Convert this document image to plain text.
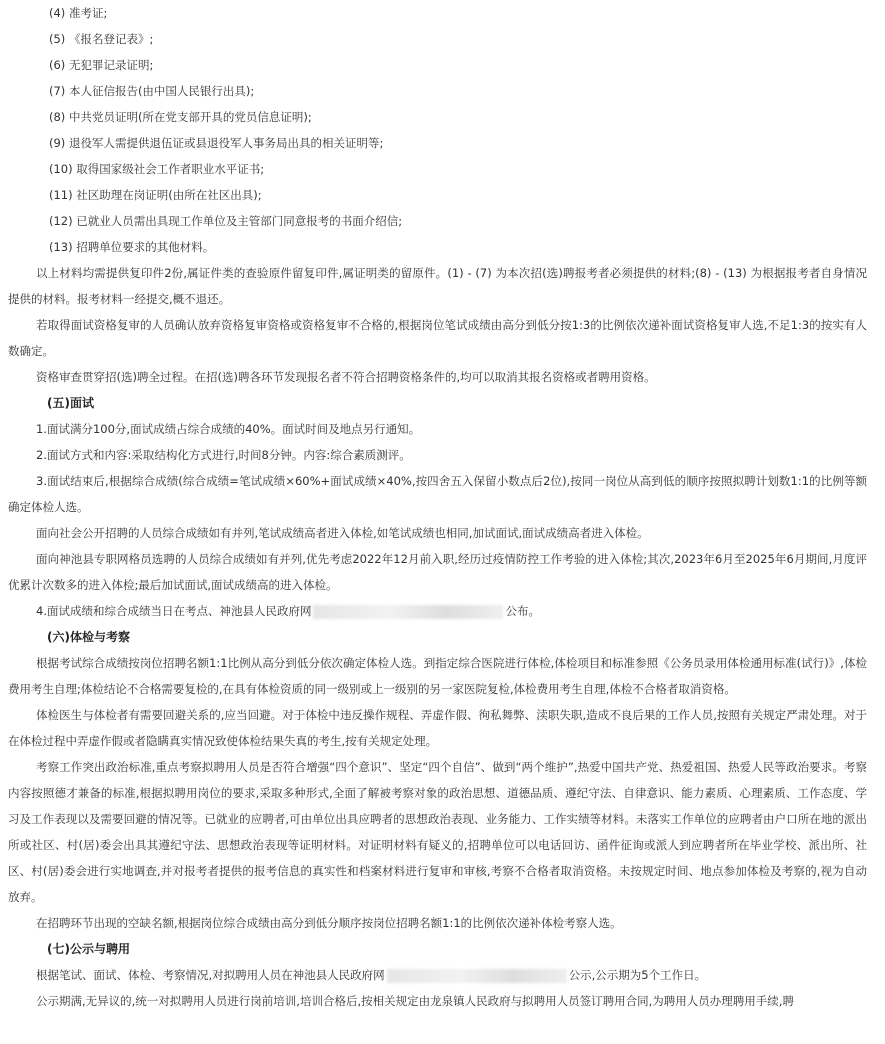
(4) 准考证;

(5) 《报名登记表》;

(6) 无犯罪记录证明;

(7) 本人征信报告(由中国人民银行出具);

(8) 中共党员证明(所在党支部开具的党员信息证明);

(9) 退役军人需提供退伍证或县退役军人事务局出具的相关证明等;

(10) 取得国家级社会工作者职业水平证书;

(11) 社区助理在岗证明(由所在社区出具);

(12) 已就业人员需出具现工作单位及主管部门同意报考的书面介绍信;

(13) 招聘单位要求的其他材料。

以上材料均需提供复印件2份,属证件类的查验原件留复印件,属证明类的留原件。(1) - (7) 为本次招(选)聘报考者必须提供的材料;(8) - (13) 为根据报考者自身情况提供的材料。报考材料一经提交,概不退还。

若取得面试资格复审的人员确认放弃资格复审资格或资格复审不合格的,根据岗位笔试成绩由高分到低分按1:3的比例依次递补面试资格复审人选,不足1:3的按实有人数确定。

资格审查贯穿招(选)聘全过程。在招(选)聘各环节发现报名者不符合招聘资格条件的,均可以取消其报名资格或者聘用资格。

(五)面试

1.面试满分100分,面试成绩占综合成绩的40%。面试时间及地点另行通知。

2.面试方式和内容:采取结构化方式进行,时间8分钟。内容:综合素质测评。

3.面试结束后,根据综合成绩(综合成绩=笔试成绩×60%+面试成绩×40%,按四舍五入保留小数点后2位),按同一岗位从高到低的顺序按照拟聘计划数1:1的比例等额确定体检人选。

面向社会公开招聘的人员综合成绩如有并列,笔试成绩高者进入体检,如笔试成绩也相同,加试面试,面试成绩高者进入体检。

面向神池县专职网格员选聘的人员综合成绩如有并列,优先考虑2022年12月前入职,经历过疫情防控工作考验的进入体检;其次,2023年6月至2025年6月期间,月度评优累计次数多的进入体检;最后加试面试,面试成绩高的进入体检。

4.面试成绩和综合成绩当日在考点、神池县人民政府网	公布。

(六)体检与考察

根据考试综合成绩按岗位招聘名额1:1比例从高分到低分依次确定体检人选。到指定综合医院进行体检,体检项目和标准参照《公务员录用体检通用标准(试行)》,体检费用考生自理;体检结论不合格需要复检的,在具有体检资质的同一级别或上一级别的另一家医院复检,体检费用考生自理,体检不合格者取消资格。

体检医生与体检者有需要回避关系的,应当回避。对于体检中违反操作规程、弄虚作假、徇私舞弊、渎职失职,造成不良后果的工作人员,按照有关规定严肃处理。对于在体检过程中弄虚作假或者隐瞒真实情况致使体检结果失真的考生,按有关规定处理。

考察工作突出政治标准,重点考察拟聘用人员是否符合增强“四个意识”、坚定“四个自信”、做到“两个维护”,热爱中国共产党、热爱祖国、热爱人民等政治要求。考察内容按照德才兼备的标准,根据拟聘用岗位的要求,采取多种形式,全面了解被考察对象的政治思想、道德品质、遵纪守法、自律意识、能力素质、心理素质、工作态度、学习及工作表现以及需要回避的情况等。已就业的应聘者,可由单位出具应聘者的思想政治表现、业务能力、工作实绩等材料。未落实工作单位的应聘者由户口所在地的派出所或社区、村(居)委会出具其遵纪守法、思想政治表现等证明材料。对证明材料有疑义的,招聘单位可以电话回访、函件征询或派人到应聘者所在毕业学校、派出所、社区、村(居)委会进行实地调查,并对报考者提供的报考信息的真实性和档案材料进行复审和审核,考察不合格者取消资格。未按规定时间、地点参加体检及考察的,视为自动放弃。

在招聘环节出现的空缺名额,根据岗位综合成绩由高分到低分顺序按岗位招聘名额1:1的比例依次递补体检考察人选。

(七)公示与聘用

根据笔试、面试、体检、考察情况,对拟聘用人员在神池县人民政府网	公示,公示期为5个工作日。

公示期满,无异议的,统一对拟聘用人员进行岗前培训,培训合格后,按相关规定由龙泉镇人民政府与拟聘用人员签订聘用合同,为聘用人员办理聘用手续,聘
